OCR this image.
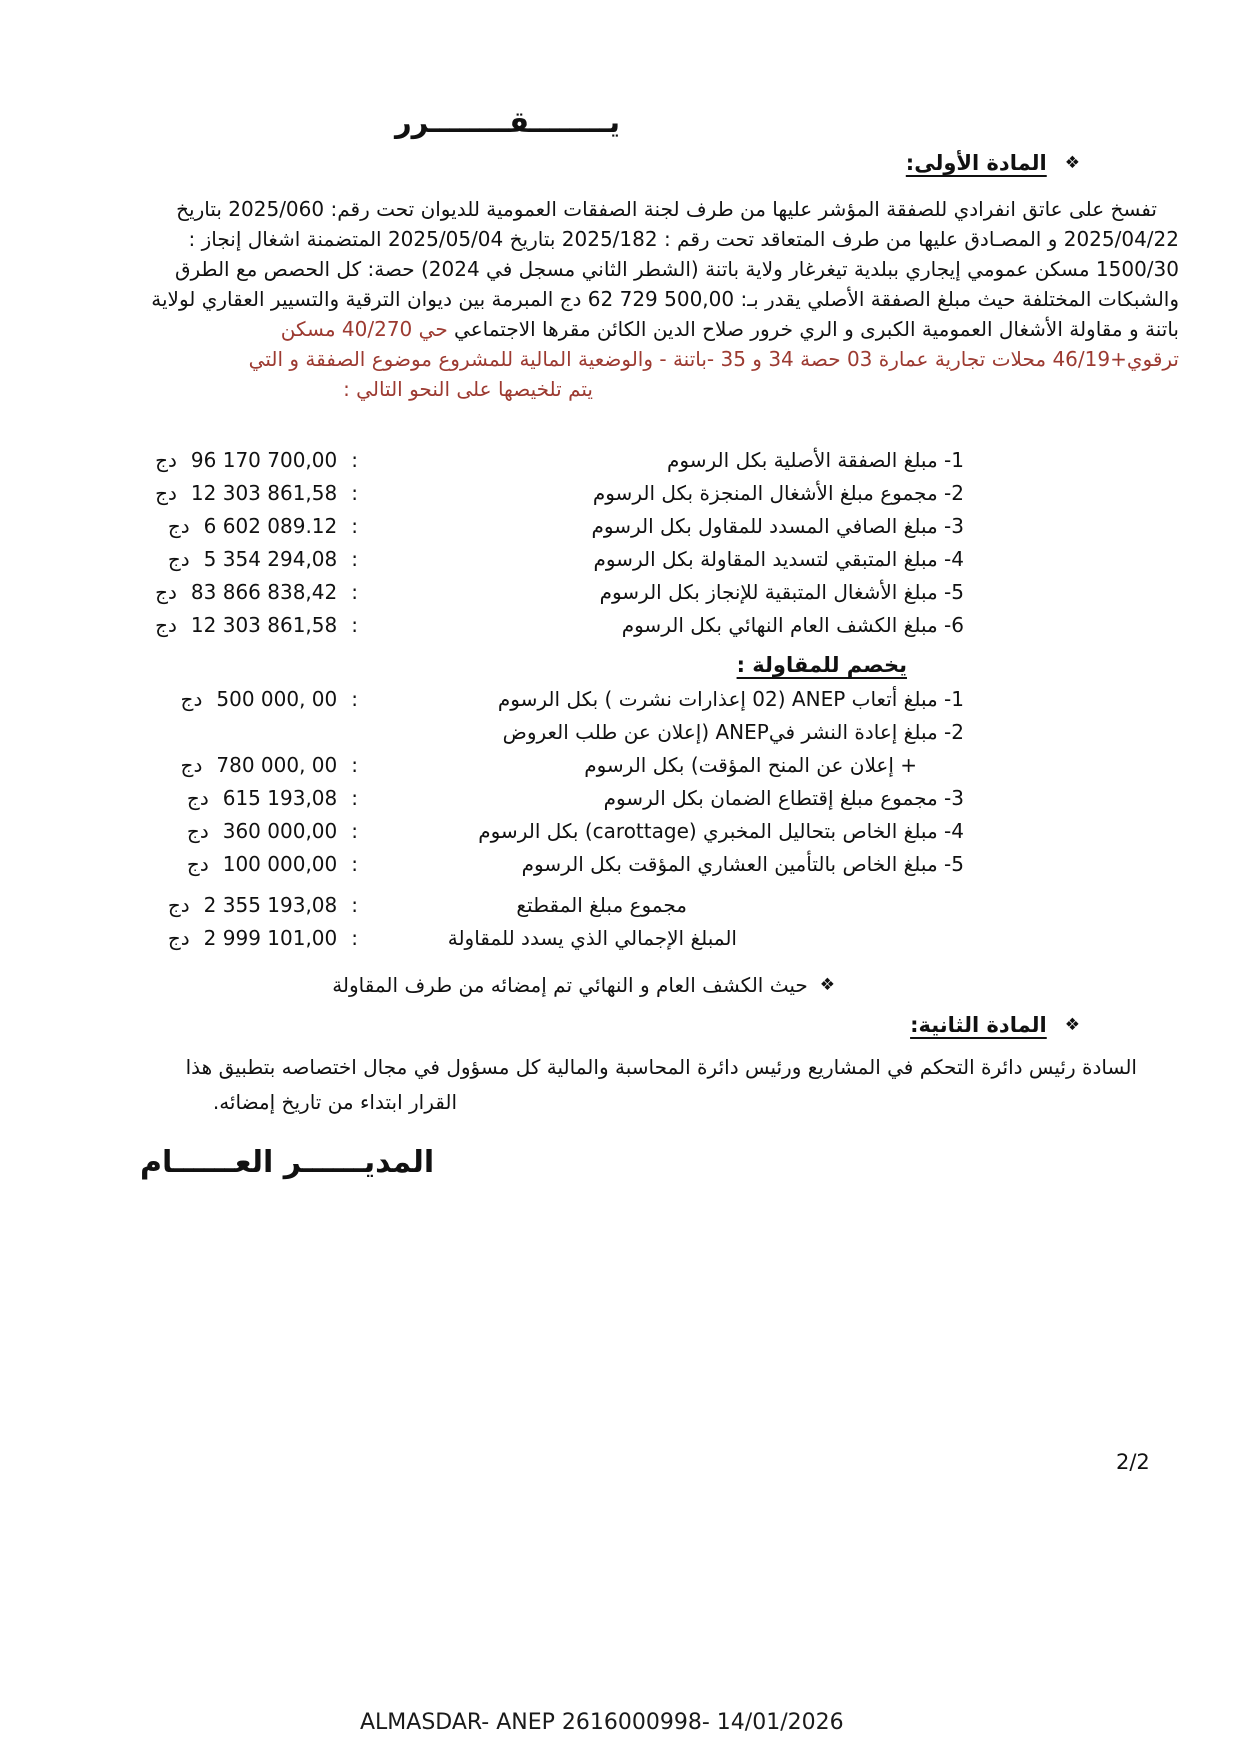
يــــــــقــــــــرر
❖
المادة الأولى:
تفسخ على عاتق انفرادي للصفقة المؤشر عليها من طرف لجنة الصفقات العمومية للديوان تحت رقم: 2025/060 بتاريخ
2025/04/22 و المصـادق عليها من طرف المتعاقد تحت رقم : 2025/182 بتاريخ 2025/05/04 المتضمنة اشغال إنجاز :
1500/30 مسكن عمومي إيجاري ببلدية تيغرغار ولاية باتنة (الشطر الثاني مسجل في 2024) حصة: كل الحصص مع الطرق
والشبكات المختلفة حيث مبلغ الصفقة الأصلي يقدر بـ: 62 729 500,00 دج المبرمة بين ديوان الترقية والتسيير العقاري لولاية
باتنة و مقاولة الأشغال العمومية الكبرى و الري خرور صلاح الدين الكائن مقرها الاجتماعي حي 40/270 مسكن
ترقوي+46/19 محلات تجارية عمارة 03 حصة 34 و 35 -باتنة - والوضعية المالية للمشروع موضوع الصفقة و التي
يتم تلخيصها على النحو التالي :
1- مبلغ الصفقة الأصلية بكل الرسوم
:
96 170 700,00
دج
2- مجموع مبلغ الأشغال المنجزة بكل الرسوم
:
12 303 861,58
دج
3- مبلغ الصافي المسدد للمقاول بكل الرسوم
:
6 602 089.12
دج
4- مبلغ المتبقي لتسديد المقاولة بكل الرسوم
:
5 354 294,08
دج
5- مبلغ الأشغال المتبقية للإنجاز بكل الرسوم
:
83 866 838,42
دج
6- مبلغ الكشف العام النهائي بكل الرسوم
:
12 303 861,58
دج
يخصم للمقاولة :
1- مبلغ أتعاب ANEP (02 إعذارات نشرت ) بكل الرسوم
:
500 000, 00
دج
2- مبلغ إعادة النشر فيANEP (إعلان عن طلب العروض
+ إعلان عن المنح المؤقت) بكل الرسوم
:
780 000, 00
دج
3- مجموع مبلغ إقتطاع الضمان بكل الرسوم
:
615 193,08
دج
4- مبلغ الخاص بتحاليل المخبري (carottage) بكل الرسوم
:
360 000,00
دج
5- مبلغ الخاص بالتأمين العشاري المؤقت بكل الرسوم
:
100 000,00
دج
مجموع مبلغ المقطتع
:
2 355 193,08
دج
المبلغ الإجمالي الذي يسدد للمقاولة
:
2 999 101,00
دج
❖
حيث الكشف العام و النهائي تم إمضائه من طرف المقاولة
❖
المادة الثانية:
السادة رئيس دائرة التحكم في المشاريع ورئيس دائرة المحاسبة والمالية كل مسؤول في مجال اختصاصه بتطبيق هذا
القرار ابتداء من تاريخ إمضائه.
المديــــــر العــــــام
2/2
ALMASDAR- ANEP 2616000998- 14/01/2026
